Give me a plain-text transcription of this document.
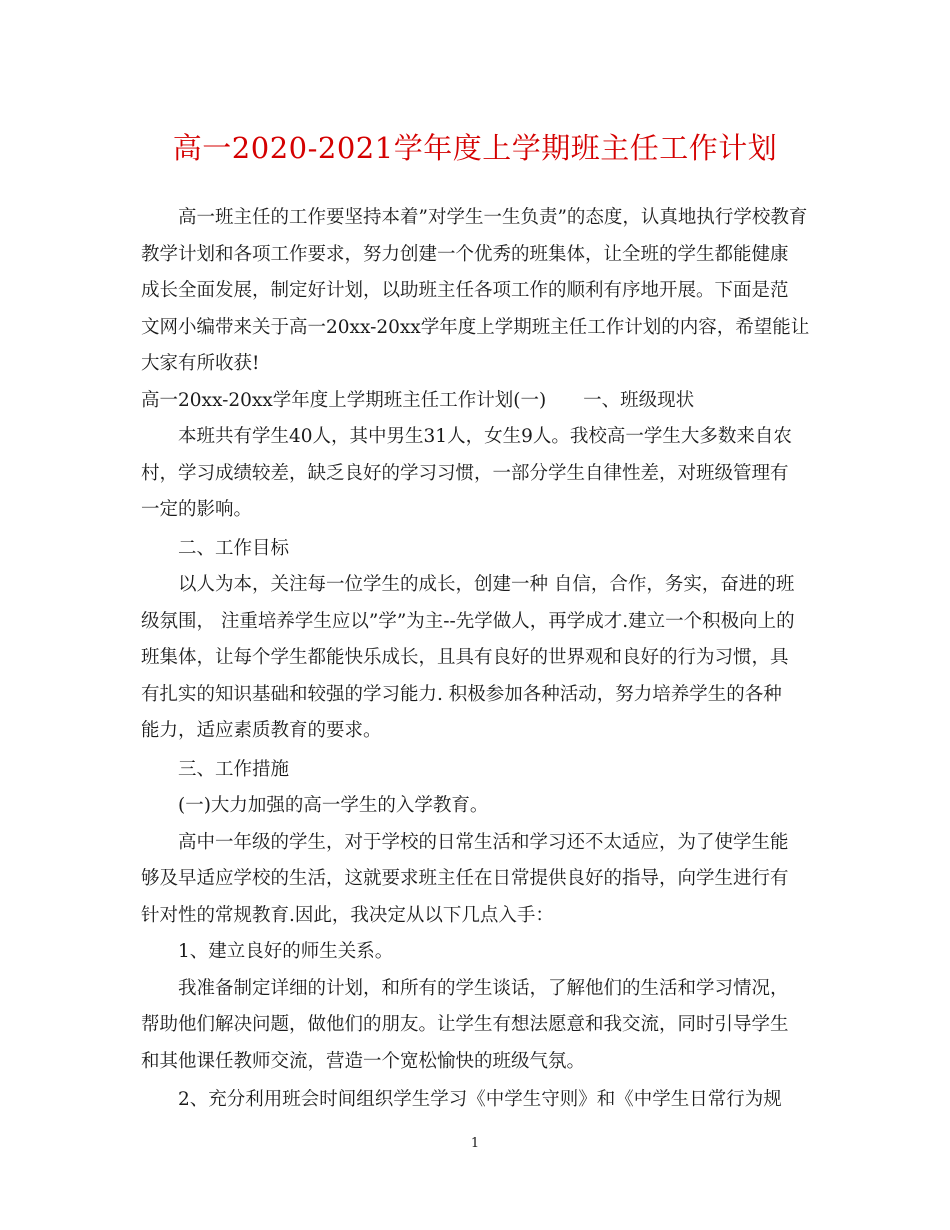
高一2020-2021学年度上学期班主任工作计划
高一班主任的工作要坚持本着”对学生一生负责”的态度，认真地执行学校教育
教学计划和各项工作要求，努力创建一个优秀的班集体，让全班的学生都能健康
成长全面发展，制定好计划，以助班主任各项工作的顺利有序地开展。下面是范
文网小编带来关于高一20xx-20xx学年度上学期班主任工作计划的内容，希望能让
大家有所收获!
高一20xx-20xx学年度上学期班主任工作计划(一)　　一、班级现状
本班共有学生40人，其中男生31人，女生9人。我校高一学生大多数来自农
村，学习成绩较差，缺乏良好的学习习惯，一部分学生自律性差，对班级管理有
一定的影响。
二、工作目标
以人为本，关注每一位学生的成长，创建一种 自信，合作，务实，奋进的班
级氛围， 注重培养学生应以”学”为主--先学做人，再学成才.建立一个积极向上的
班集体，让每个学生都能快乐成长，且具有良好的世界观和良好的行为习惯，具
有扎实的知识基础和较强的学习能力. 积极参加各种活动，努力培养学生的各种
能力，适应素质教育的要求。
三、工作措施
(一)大力加强的高一学生的入学教育。
高中一年级的学生，对于学校的日常生活和学习还不太适应，为了使学生能
够及早适应学校的生活，这就要求班主任在日常提供良好的指导，向学生进行有
针对性的常规教育.因此，我决定从以下几点入手：
1、建立良好的师生关系。
我准备制定详细的计划，和所有的学生谈话，了解他们的生活和学习情况，
帮助他们解决问题，做他们的朋友。让学生有想法愿意和我交流，同时引导学生
和其他课任教师交流，营造一个宽松愉快的班级气氛。
2、充分利用班会时间组织学生学习《中学生守则》和《中学生日常行为规
1
